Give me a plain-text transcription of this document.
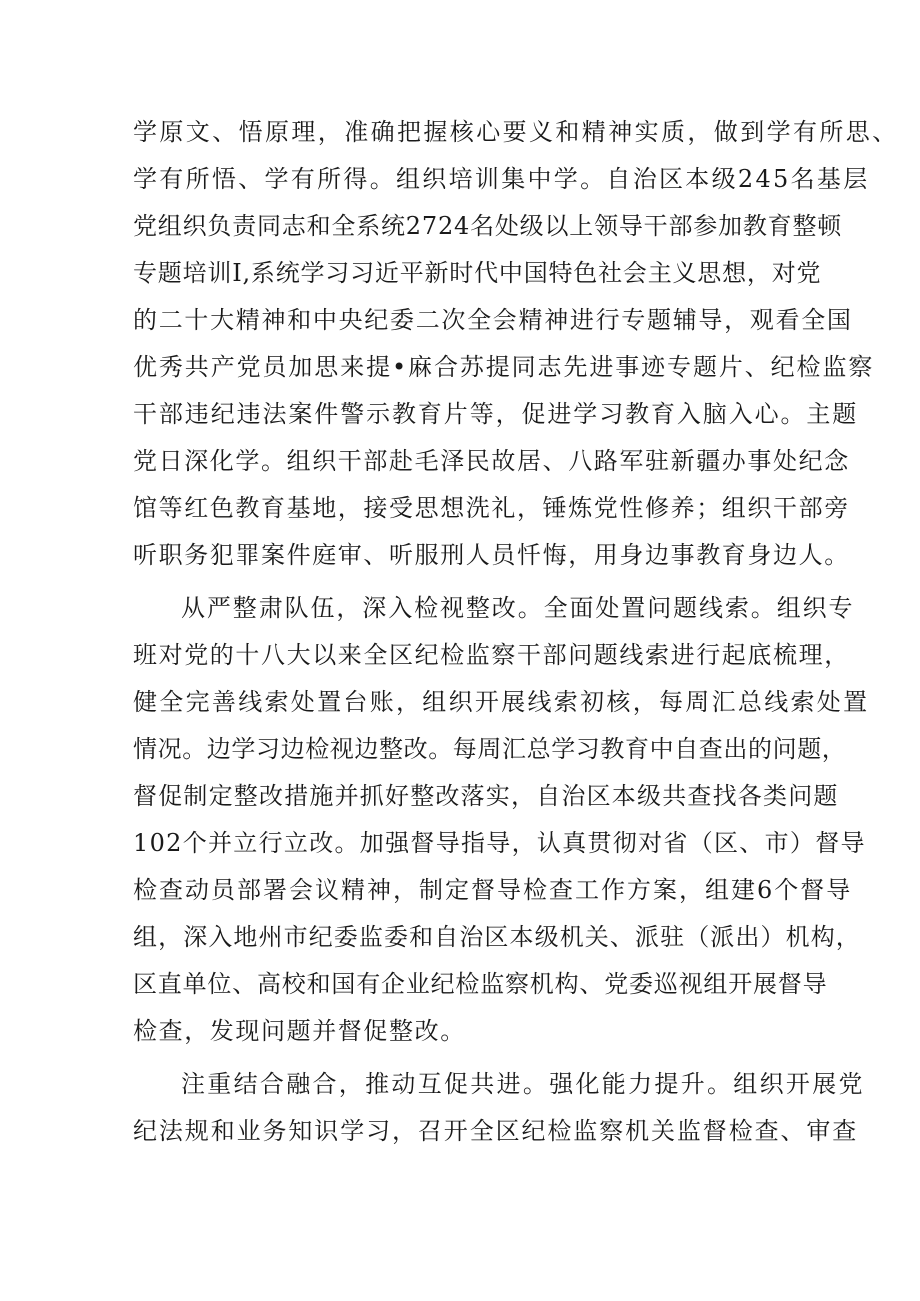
学原文、悟原理，准确把握核心要义和精神实质，做到学有所思、
学有所悟、学有所得。组织培训集中学。自治区本级245名基层
党组织负责同志和全系统2724名处级以上领导干部参加教育整顿
专题培训I,系统学习习近平新时代中国特色社会主义思想，对党
的二十大精神和中央纪委二次全会精神进行专题辅导，观看全国
优秀共产党员加思来提•麻合苏提同志先进事迹专题片、纪检监察
干部违纪违法案件警示教育片等，促进学习教育入脑入心。主题
党日深化学。组织干部赴毛泽民故居、八路军驻新疆办事处纪念
馆等红色教育基地，接受思想洗礼，锤炼党性修养；组织干部旁
听职务犯罪案件庭审、听服刑人员忏悔，用身边事教育身边人。
从严整肃队伍，深入检视整改。全面处置问题线索。组织专
班对党的十八大以来全区纪检监察干部问题线索进行起底梳理，
健全完善线索处置台账，组织开展线索初核，每周汇总线索处置
情况。边学习边检视边整改。每周汇总学习教育中自查出的问题，
督促制定整改措施并抓好整改落实，自治区本级共查找各类问题
102个并立行立改。加强督导指导，认真贯彻对省（区、市）督导
检查动员部署会议精神，制定督导检查工作方案，组建6个督导
组，深入地州市纪委监委和自治区本级机关、派驻（派出）机构，
区直单位、高校和国有企业纪检监察机构、党委巡视组开展督导
检查，发现问题并督促整改。
注重结合融合，推动互促共进。强化能力提升。组织开展党
纪法规和业务知识学习，召开全区纪检监察机关监督检查、审查
